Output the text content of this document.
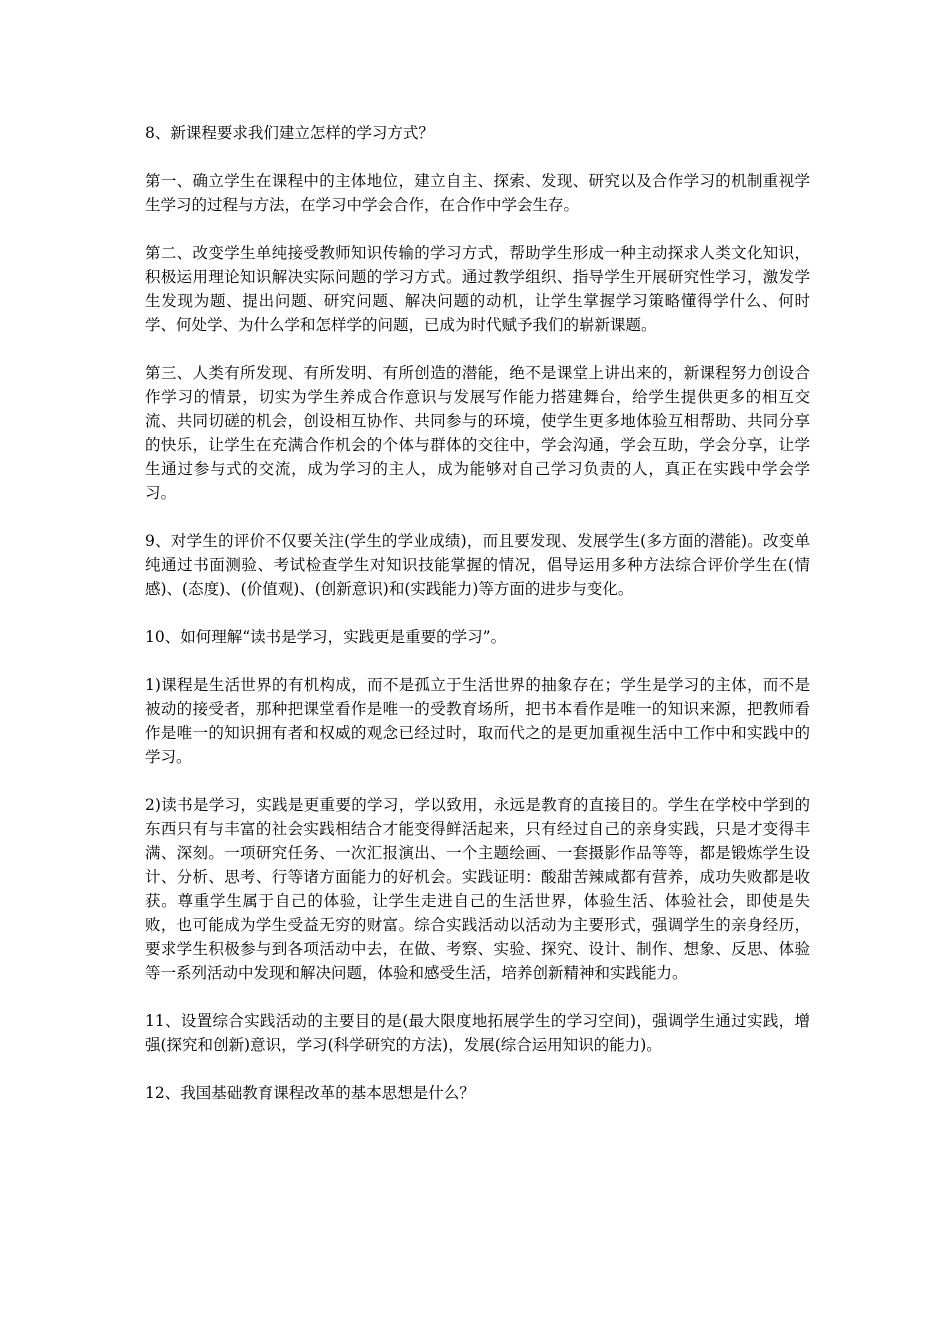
8、新课程要求我们建立怎样的学习方式？

第一、确立学生在课程中的主体地位，建立自主、探索、发现、研究以及合作学习的机制重视学生学习的过程与方法，在学习中学会合作，在合作中学会生存。

第二、改变学生单纯接受教师知识传输的学习方式，帮助学生形成一种主动探求人类文化知识，积极运用理论知识解决实际问题的学习方式。通过教学组织、指导学生开展研究性学习，激发学生发现为题、提出问题、研究问题、解决问题的动机，让学生掌握学习策略懂得学什么、何时学、何处学、为什么学和怎样学的问题，已成为时代赋予我们的崭新课题。

第三、人类有所发现、有所发明、有所创造的潜能，绝不是课堂上讲出来的，新课程努力创设合作学习的情景，切实为学生养成合作意识与发展写作能力搭建舞台，给学生提供更多的相互交流、共同切磋的机会，创设相互协作、共同参与的环境，使学生更多地体验互相帮助、共同分享的快乐，让学生在充满合作机会的个体与群体的交往中，学会沟通，学会互助，学会分享，让学生通过参与式的交流，成为学习的主人，成为能够对自己学习负责的人，真正在实践中学会学习。

9、对学生的评价不仅要关注(学生的学业成绩)，而且要发现、发展学生(多方面的潜能)。改变单纯通过书面测验、考试检查学生对知识技能掌握的情况，倡导运用多种方法综合评价学生在(情感)、(态度)、(价值观)、(创新意识)和(实践能力)等方面的进步与变化。

10、如何理解“读书是学习，实践更是重要的学习”。

1)课程是生活世界的有机构成，而不是孤立于生活世界的抽象存在；学生是学习的主体，而不是被动的接受者，那种把课堂看作是唯一的受教育场所，把书本看作是唯一的知识来源，把教师看作是唯一的知识拥有者和权威的观念已经过时，取而代之的是更加重视生活中工作中和实践中的学习。

2)读书是学习，实践是更重要的学习，学以致用，永远是教育的直接目的。学生在学校中学到的东西只有与丰富的社会实践相结合才能变得鲜活起来，只有经过自己的亲身实践，只是才变得丰满、深刻。一项研究任务、一次汇报演出、一个主题绘画、一套摄影作品等等，都是锻炼学生设计、分析、思考、行等诸方面能力的好机会。实践证明：酸甜苦辣咸都有营养，成功失败都是收获。尊重学生属于自己的体验，让学生走进自己的生活世界，体验生活、体验社会，即使是失败，也可能成为学生受益无穷的财富。综合实践活动以活动为主要形式，强调学生的亲身经历，要求学生积极参与到各项活动中去，在做、考察、实验、探究、设计、制作、想象、反思、体验等一系列活动中发现和解决问题，体验和感受生活，培养创新精神和实践能力。

11、设置综合实践活动的主要目的是(最大限度地拓展学生的学习空间)，强调学生通过实践，增强(探究和创新)意识，学习(科学研究的方法)，发展(综合运用知识的能力)。

12、我国基础教育课程改革的基本思想是什么？
